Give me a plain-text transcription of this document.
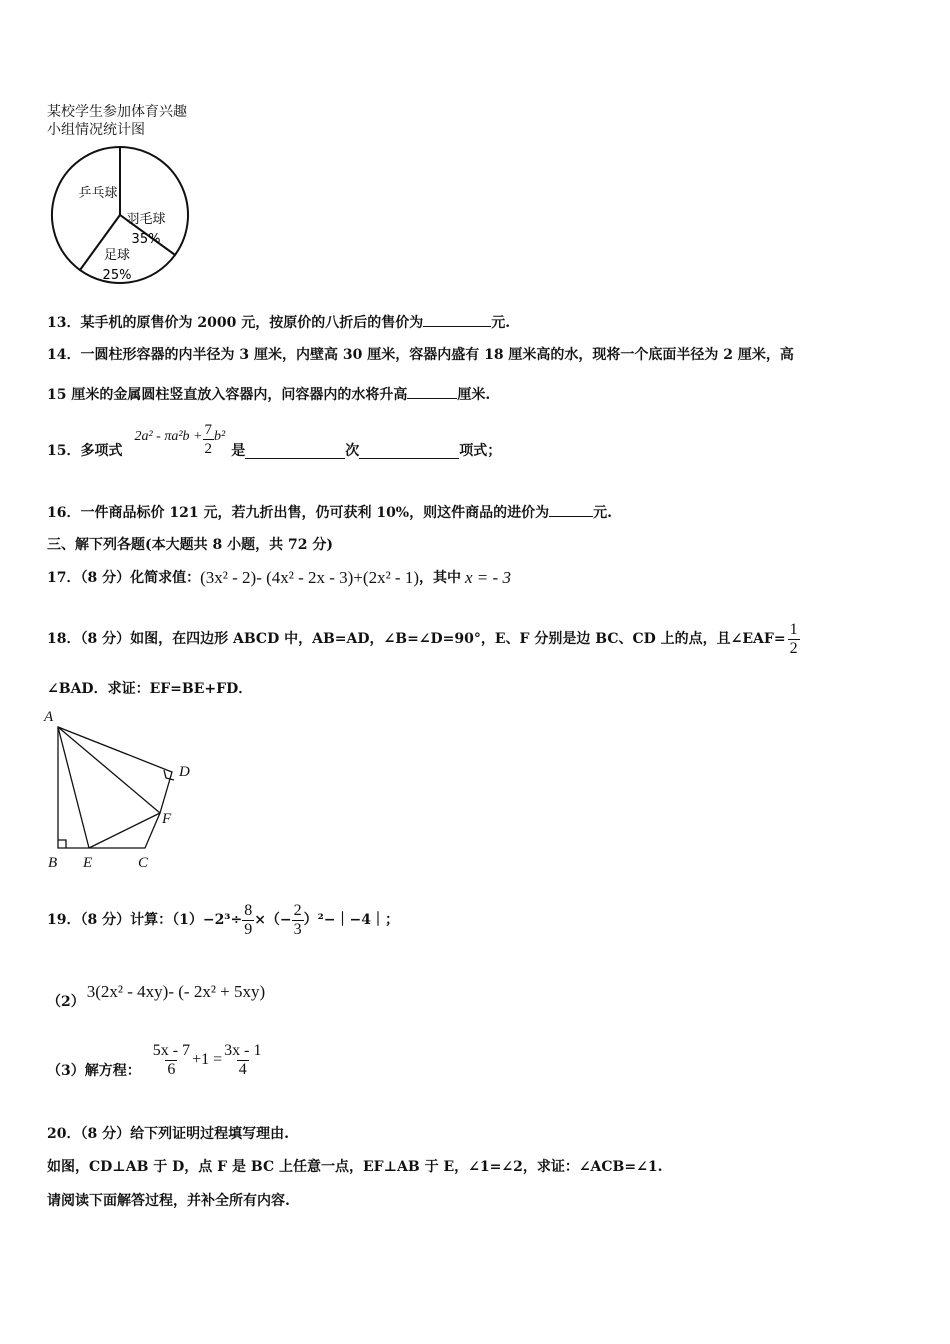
某校学生参加体育兴趣
小组情况统计图
乒乓球
羽毛球
35%
足球
25%
13．某手机的原售价为 2000 元，按原价的八折后的售价为	元.
14．一圆柱形容器的内半径为 3 厘米，内壁高 30 厘米，容器内盛有 18 厘米高的水，现将一个底面半径为 2 厘米，高
15 厘米的金属圆柱竖直放入容器内，问容器内的水将升高	厘米.
15．多项式
$2a^2 - \pi a^2b + \frac{7}{2} b^2$
是	次	项式；
16．一件商品标价 121 元，若九折出售，仍可获利 10%，则这件商品的进价为	元.
三、解下列各题(本大题共 8 小题，共 72 分)
17．（8 分）化简求值： (3x² - 2)- (4x² - 2x - 3)+(2x² - 1) ，其中 x = - 3
18．（8 分）如图，在四边形 ABCD 中，AB=AD，∠B=∠D=90°，E、F 分别是边 BC、CD 上的点，且∠EAF= $\frac{1}{2}$
∠BAD．求证：EF=BE+FD．
A
B E	C
D
F
19．（8 分）计算：$(1)-2^3\div \frac{8}{9}$ ×（− $\frac{2}{3}$ ）²−｜−4｜；
（2）
3(2x² - 4xy)- (- 2x² + 5xy)
（3）解方程： $\frac{5x - 7}{6} +1 = \frac{3x - 1}{4}$
20．（8 分）给下列证明过程填写理由.
如图，CD⊥AB 于 D，点 F 是 BC 上任意一点，EF⊥AB 于 E，∠1=∠2，求证：∠ACB=∠1.
请阅读下面解答过程，并补全所有内容.
